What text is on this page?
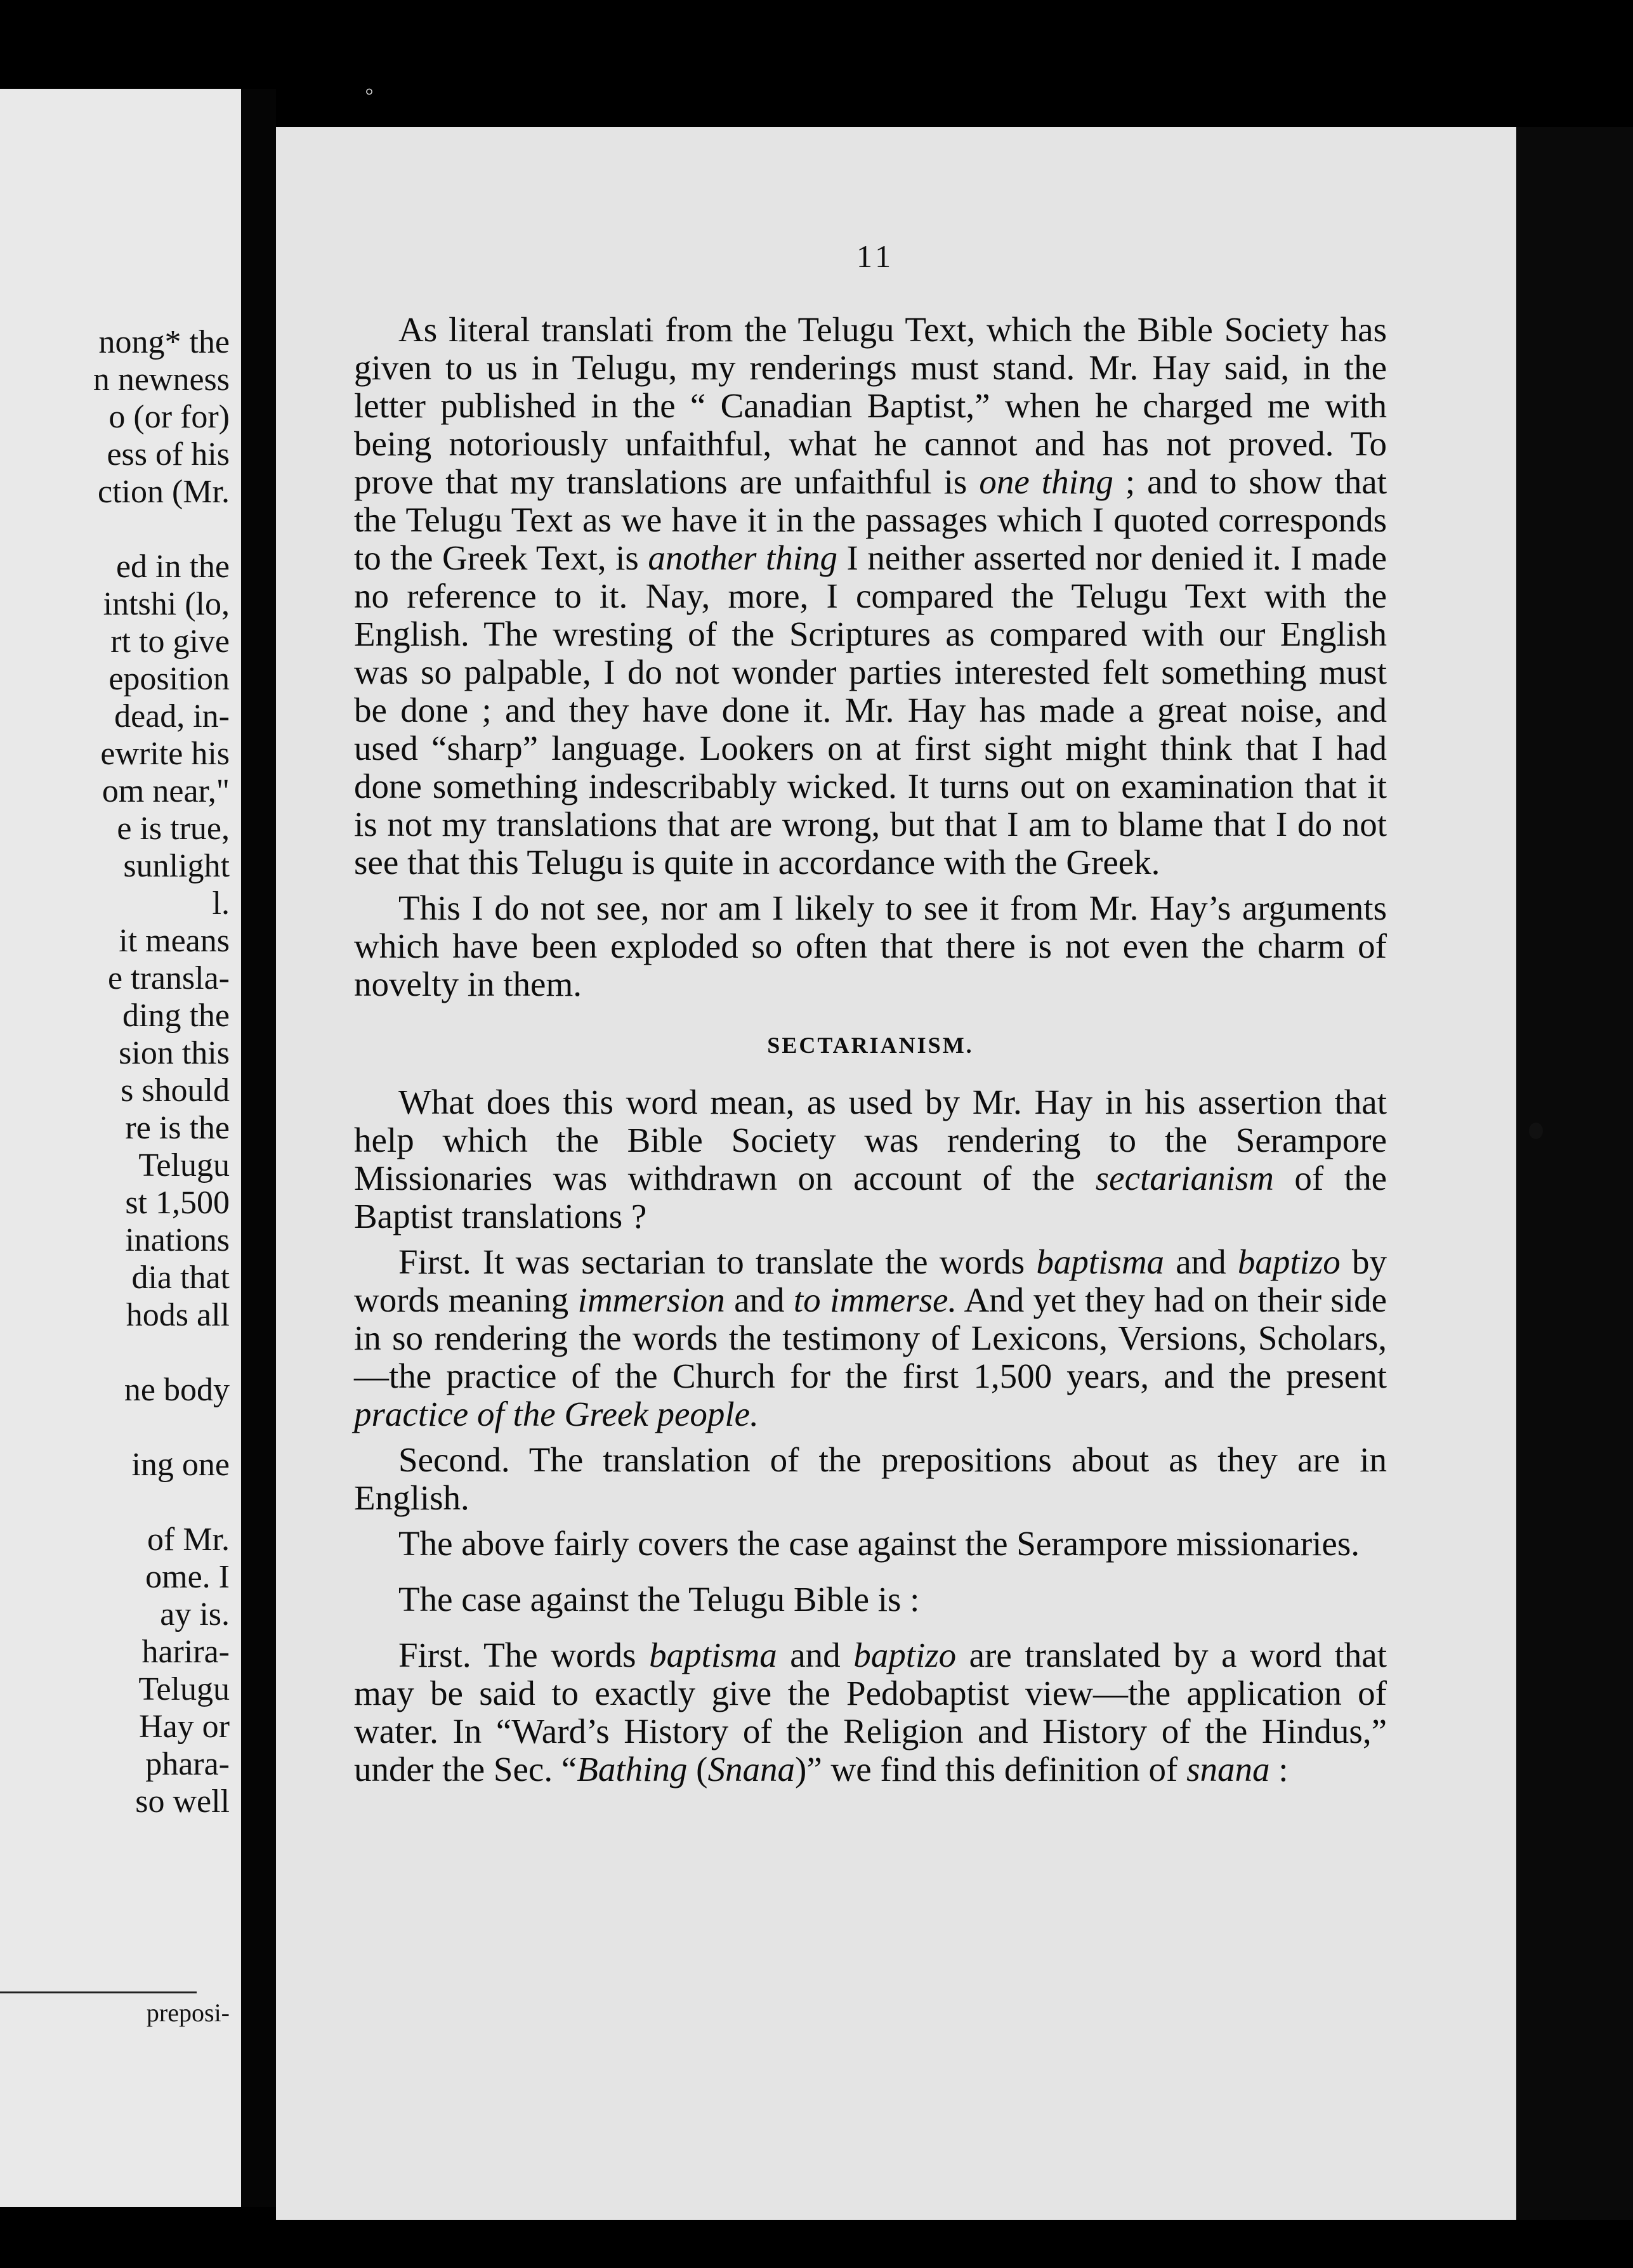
nong* the
n newness
o (or for)
ess of his
ction (Mr.
ed in the
intshi (lo,
rt to give
eposition
dead, in-
ewrite his
om near,"
e is true,
sunlight
l.
it means
e transla-
ding the
sion this
s should
re is the
Telugu
st 1,500
inations
dia that
hods all
ne body
ing one
of Mr.
ome. I
ay is.
harira-
Telugu
Hay or
phara-
so well
preposi-
◦
11

As literal translati from the Telugu Text, which the Bible Society has given to us in Telugu, my renderings must stand. Mr. Hay said, in the letter published in the “ Canadian Baptist,” when he charged me with being notoriously unfaithful, what he cannot and has not proved. To prove that my translations are unfaithful is one thing ; and to show that the Telugu Text as we have it in the passages which I quoted corresponds to the Greek Text, is another thing I neither asserted nor denied it. I made no reference to it. Nay, more, I compared the Telugu Text with the English. The wresting of the Scriptures as compared with our English was so palpable, I do not wonder parties interested felt something must be done ; and they have done it. Mr. Hay has made a great noise, and used “sharp” language. Lookers on at first sight might think that I had done something indescribably wicked. It turns out on examination that it is not my translations that are wrong, but that I am to blame that I do not see that this Telugu is quite in accordance with the Greek.

This I do not see, nor am I likely to see it from Mr. Hay’s arguments which have been exploded so often that there is not even the charm of novelty in them.

SECTARIANISM.

What does this word mean, as used by Mr. Hay in his assertion that help which the Bible Society was rendering to the Serampore Missionaries was withdrawn on account of the sectarianism of the Baptist translations ?

First. It was sectarian to translate the words baptisma and baptizo by words meaning immersion and to immerse. And yet they had on their side in so rendering the words the testimony of Lexicons, Versions, Scholars,—the practice of the Church for the first 1,500 years, and the present practice of the Greek people.

Second. The translation of the prepositions about as they are in English.

The above fairly covers the case against the Serampore missionaries.

The case against the Telugu Bible is :

First. The words baptisma and baptizo are translated by a word that may be said to exactly give the Pedobaptist view—the application of water. In “Ward’s History of the Religion and History of the Hindus,” under the Sec. “Bathing (Snana)” we find this definition of snana :
